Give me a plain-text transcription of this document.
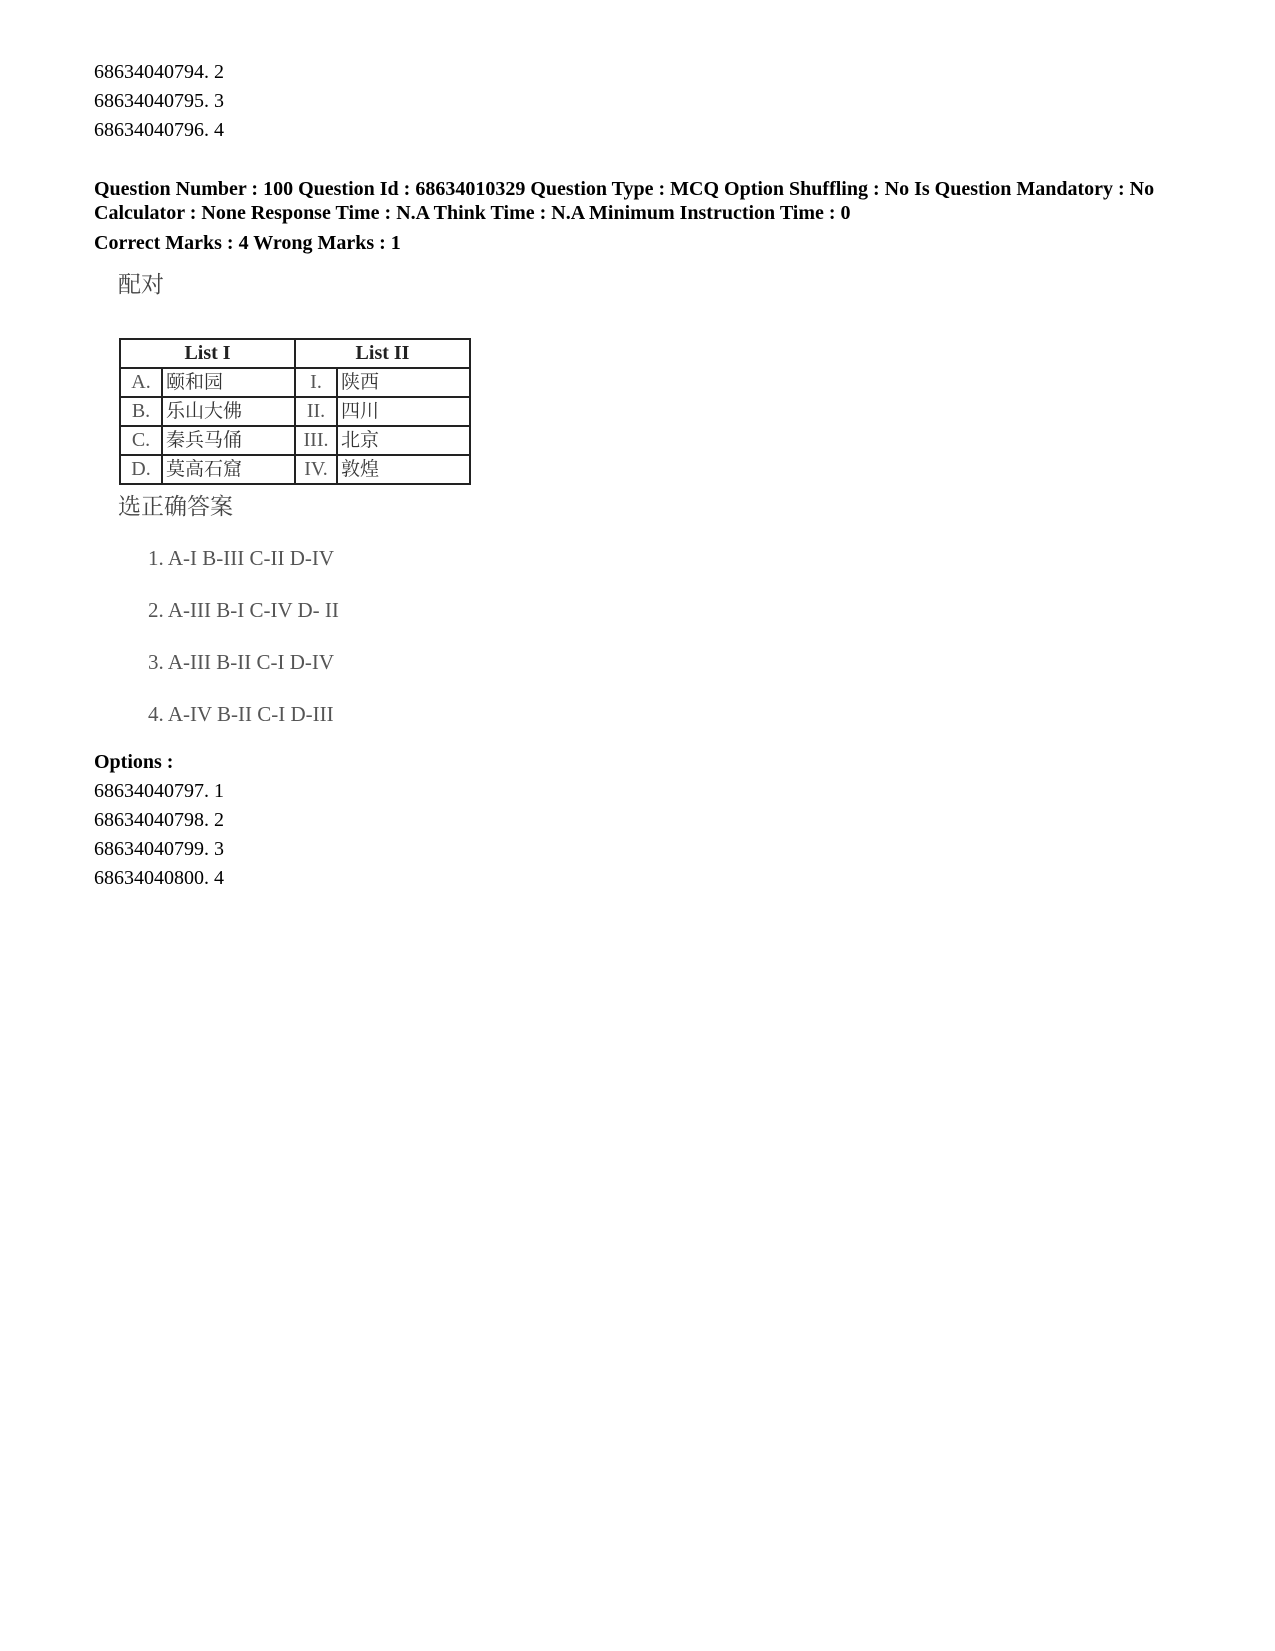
68634040794. 2
68634040795. 3
68634040796. 4
Question Number : 100 Question Id : 68634010329 Question Type : MCQ Option Shuffling : No Is Question Mandatory : No Calculator : None Response Time : N.A Think Time : N.A Minimum Instruction Time : 0
Correct Marks : 4 Wrong Marks : 1
配对
List I		List II	
A.	颐和园	I.	陕西
B.	乐山大佛	II.	四川
C.	秦兵马俑	III.	北京
D.	莫高石窟	IV.	敦煌
选正确答案
1. A-I B-III C-II D-IV
2. A-III B-I C-IV D- II
3. A-III B-II C-I D-IV
4. A-IV B-II C-I D-III
Options :
68634040797. 1
68634040798. 2
68634040799. 3
68634040800. 4
